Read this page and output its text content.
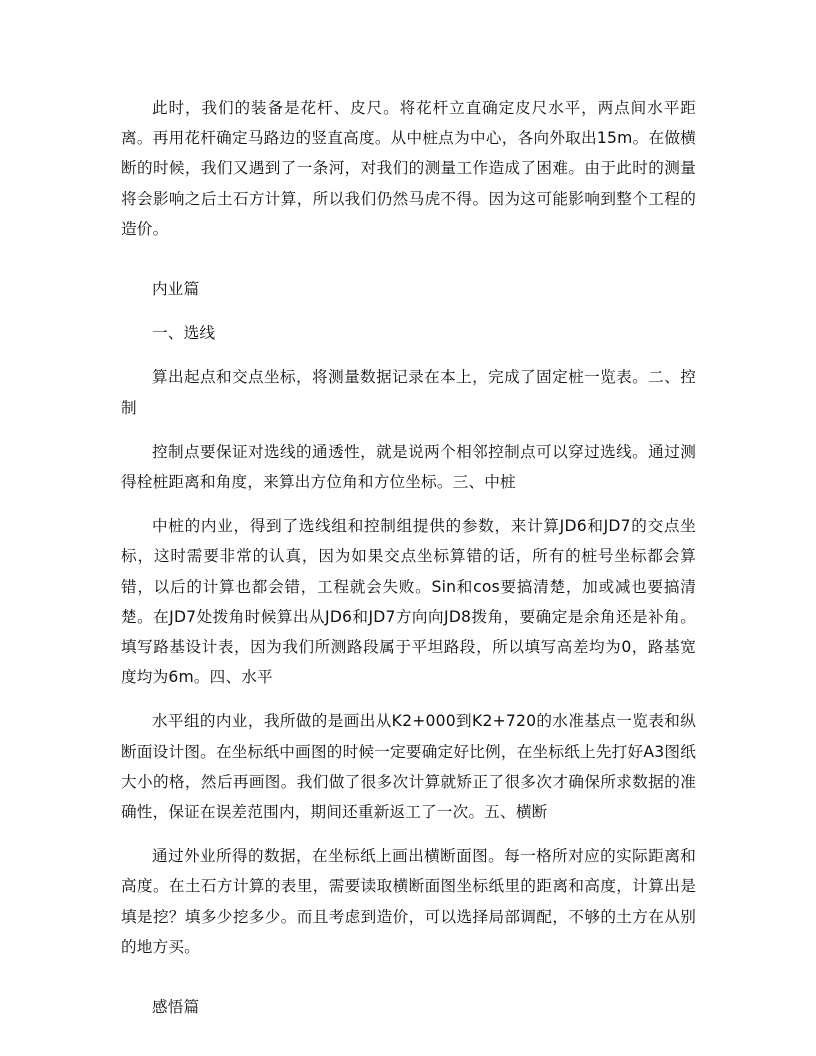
此时，我们的装备是花杆、皮尺。将花杆立直确定皮尺水平，两点间水平距离。再用花杆确定马路边的竖直高度。从中桩点为中心，各向外取出15m。在做横断的时候，我们又遇到了一条河，对我们的测量工作造成了困难。由于此时的测量将会影响之后土石方计算，所以我们仍然马虎不得。因为这可能影响到整个工程的造价。

内业篇

一、选线

算出起点和交点坐标，将测量数据记录在本上，完成了固定桩一览表。二、控制

控制点要保证对选线的通透性，就是说两个相邻控制点可以穿过选线。通过测得栓桩距离和角度，来算出方位角和方位坐标。三、中桩

中桩的内业，得到了选线组和控制组提供的参数，来计算JD6和JD7的交点坐标，这时需要非常的认真，因为如果交点坐标算错的话，所有的桩号坐标都会算错，以后的计算也都会错，工程就会失败。Sin和cos要搞清楚，加或减也要搞清楚。在JD7处拨角时候算出从JD6和JD7方向向JD8拨角，要确定是余角还是补角。填写路基设计表，因为我们所测路段属于平坦路段，所以填写高差均为0，路基宽度均为6m。四、水平

水平组的内业，我所做的是画出从K2+000到K2+720的水准基点一览表和纵断面设计图。在坐标纸中画图的时候一定要确定好比例，在坐标纸上先打好A3图纸大小的格，然后再画图。我们做了很多次计算就矫正了很多次才确保所求数据的准确性，保证在误差范围内，期间还重新返工了一次。五、横断

通过外业所得的数据，在坐标纸上画出横断面图。每一格所对应的实际距离和高度。在土石方计算的表里，需要读取横断面图坐标纸里的距离和高度，计算出是填是挖？填多少挖多少。而且考虑到造价，可以选择局部调配，不够的土方在从别的地方买。

感悟篇
